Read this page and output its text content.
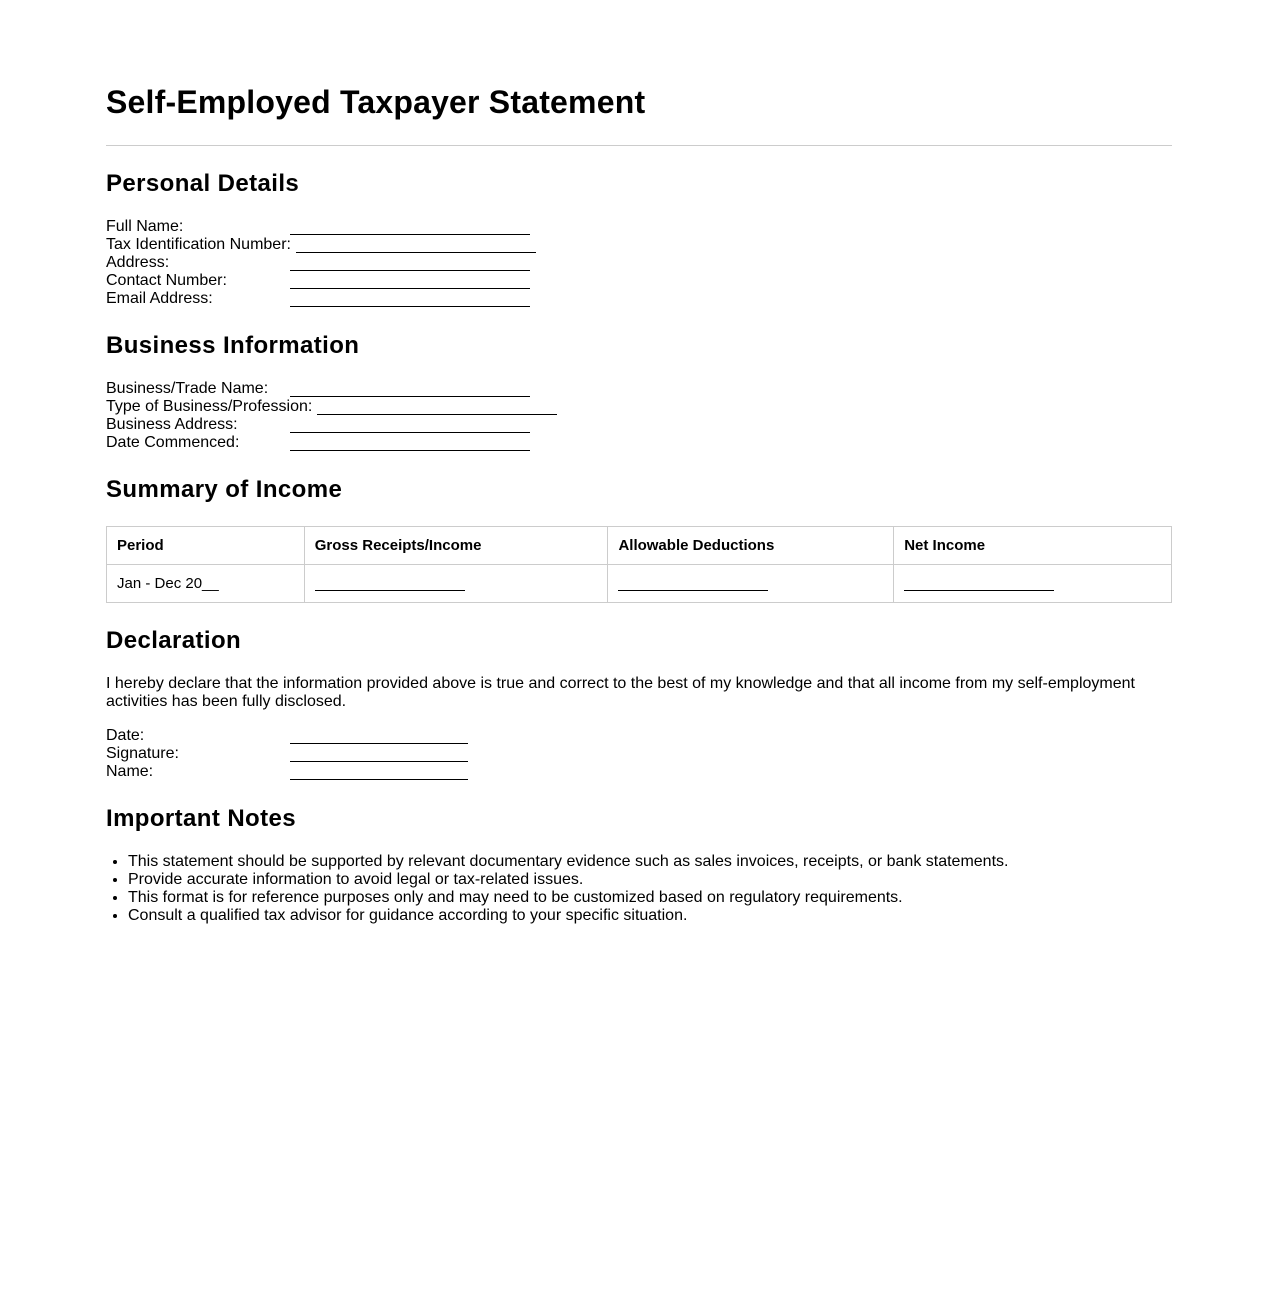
Self-Employed Taxpayer Statement
Personal Details
Full Name:
Tax Identification Number:
Address:
Contact Number:
Email Address:
Business Information
Business/Trade Name:
Type of Business/Profession:
Business Address:
Date Commenced:
Summary of Income
Period	Gross Receipts/Income	Allowable Deductions	Net Income
Jan - Dec 20__			
Declaration

I hereby declare that the information provided above is true and correct to the best of my knowledge and that all income from my self-employment activities has been fully disclosed.

Date:
Signature:
Name:
Important Notes
• This statement should be supported by relevant documentary evidence such as sales invoices, receipts, or bank statements.
• Provide accurate information to avoid legal or tax-related issues.
• This format is for reference purposes only and may need to be customized based on regulatory requirements.
• Consult a qualified tax advisor for guidance according to your specific situation.
